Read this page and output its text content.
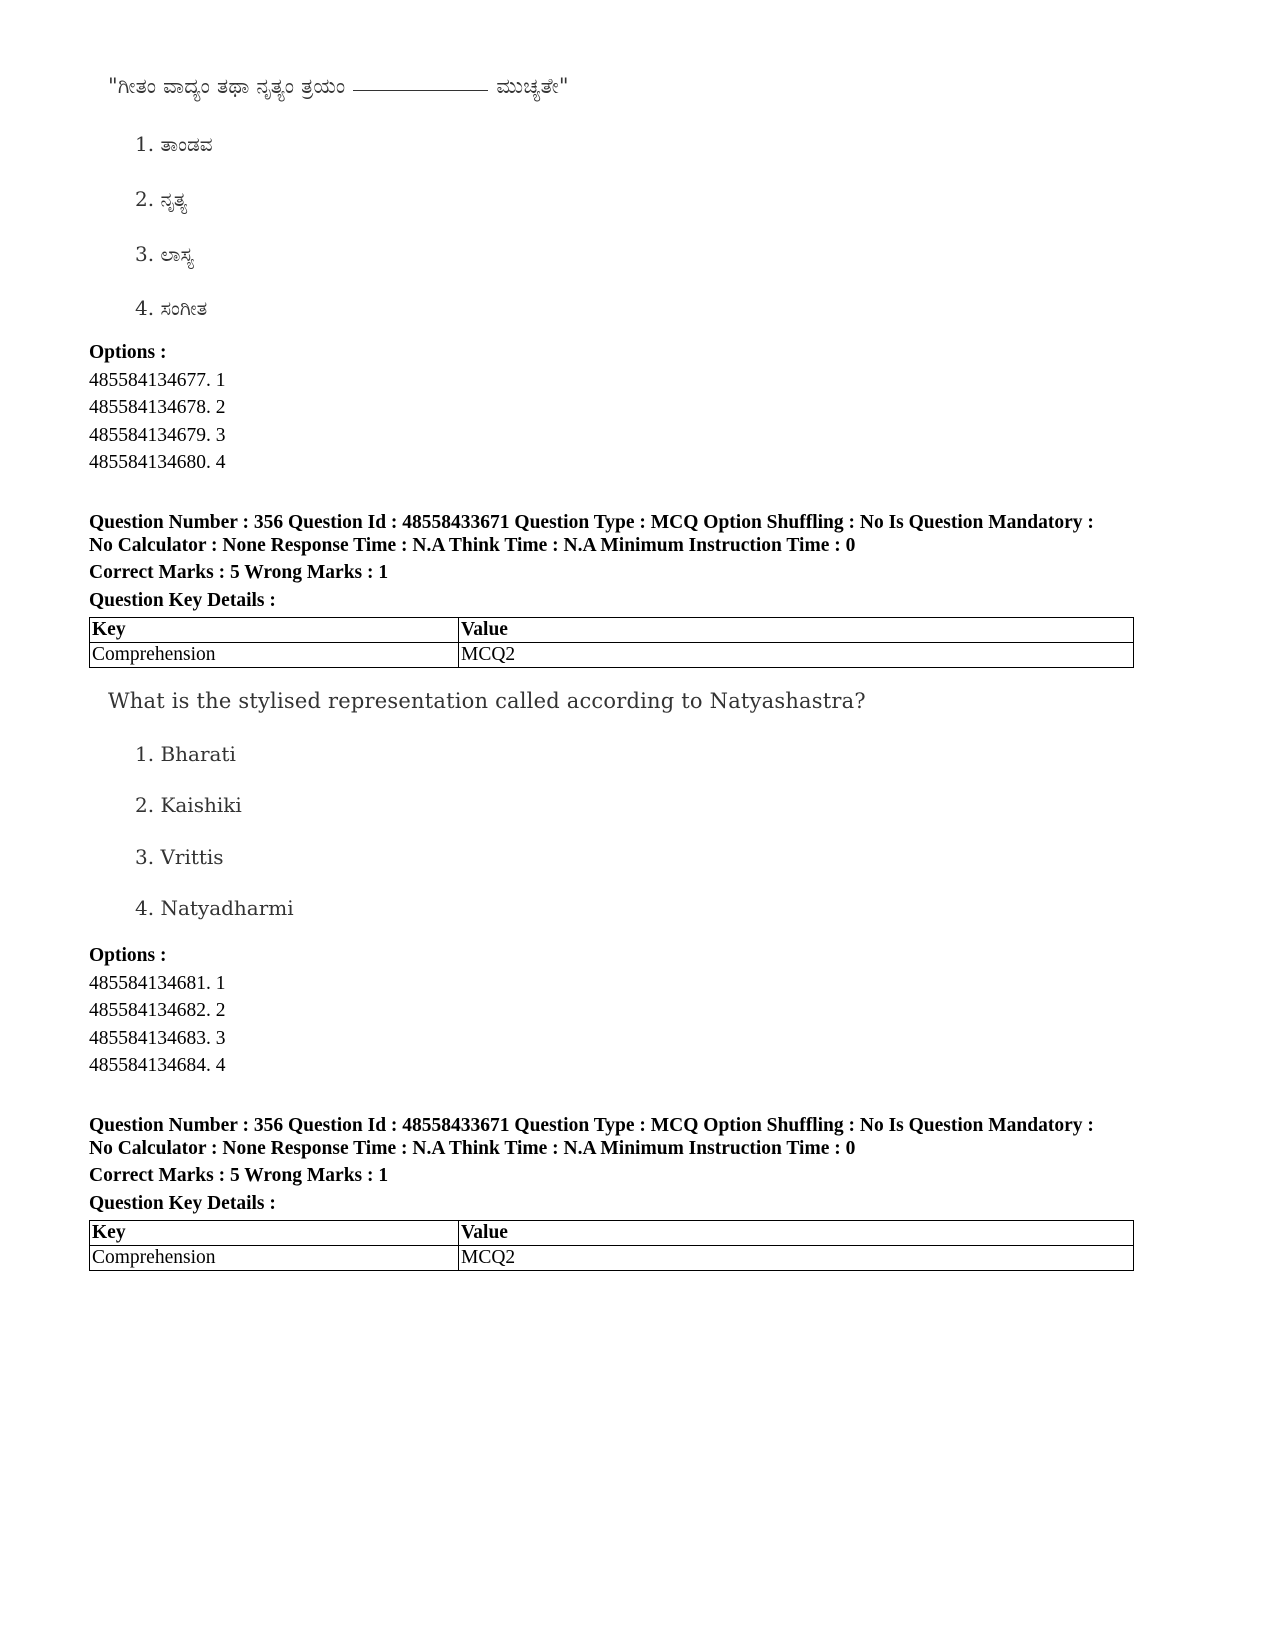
"ಗೀತಂ ವಾದ್ಯಂ ತಥಾ ನೃತ್ಯಂ ತ್ರಯಂ	ಮುಚ್ಯತೇ"
1. ತಾಂಡವ
2. ನೃತ್ಯ
3. ಲಾಸ್ಯ
4. ಸಂಗೀತ
Options :
485584134677. 1
485584134678. 2
485584134679. 3
485584134680. 4
Question Number : 356 Question Id : 48558433671 Question Type : MCQ Option Shuffling : No Is Question Mandatory :
No Calculator : None Response Time : N.A Think Time : N.A Minimum Instruction Time : 0
Correct Marks : 5 Wrong Marks : 1
Question Key Details :
Key	Value
Comprehension	MCQ2
What is the stylised representation called according to Natyashastra?
1. Bharati
2. Kaishiki
3. Vrittis
4. Natyadharmi
Options :
485584134681. 1
485584134682. 2
485584134683. 3
485584134684. 4
Question Number : 356 Question Id : 48558433671 Question Type : MCQ Option Shuffling : No Is Question Mandatory :
No Calculator : None Response Time : N.A Think Time : N.A Minimum Instruction Time : 0
Correct Marks : 5 Wrong Marks : 1
Question Key Details :
Key	Value
Comprehension	MCQ2
